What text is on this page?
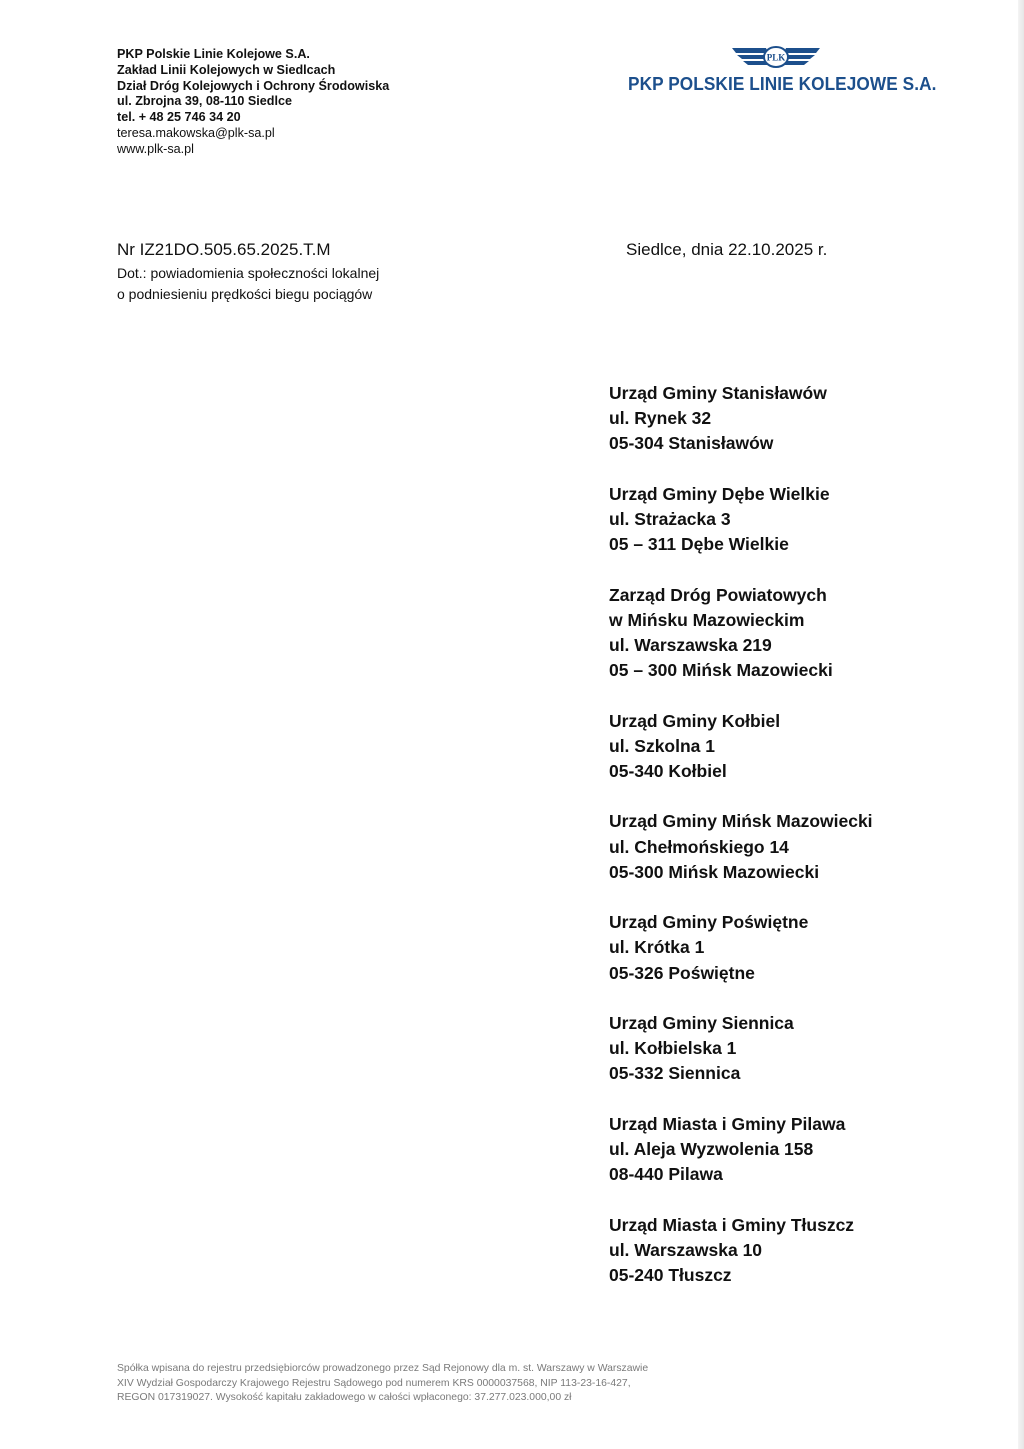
PKP Polskie Linie Kolejowe S.A.
Zakład Linii Kolejowych w Siedlcach
Dział Dróg Kolejowych i Ochrony Środowiska
ul. Zbrojna 39, 08-110 Siedlce
tel. + 48 25 746 34 20
teresa.makowska@plk-sa.pl
www.plk-sa.pl
PLK
PKP POLSKIE LINIE KOLEJOWE S.A.
Nr IZ21DO.505.65.2025.T.M	Siedlce, dnia 22.10.2025 r.
Dot.: powiadomienia społeczności lokalnej
o podniesieniu prędkości biegu pociągów
Urząd Gminy Stanisławów
ul. Rynek 32
05-304 Stanisławów
Urząd Gminy Dębe Wielkie
ul. Strażacka 3
05 – 311 Dębe Wielkie
Zarząd Dróg Powiatowych
w Mińsku Mazowieckim
ul. Warszawska 219
05 – 300 Mińsk Mazowiecki
Urząd Gminy Kołbiel
ul. Szkolna 1
05-340 Kołbiel
Urząd Gminy Mińsk Mazowiecki
ul. Chełmońskiego 14
05-300 Mińsk Mazowiecki
Urząd Gminy Poświętne
ul. Krótka 1
05-326 Poświętne
Urząd Gminy Siennica
ul. Kołbielska 1
05-332 Siennica
Urząd Miasta i Gminy Pilawa
ul. Aleja Wyzwolenia 158
08-440 Pilawa
Urząd Miasta i Gminy Tłuszcz
ul. Warszawska 10
05-240 Tłuszcz
Spółka wpisana do rejestru przedsiębiorców prowadzonego przez Sąd Rejonowy dla m. st. Warszawy w Warszawie
XIV Wydział Gospodarczy Krajowego Rejestru Sądowego pod numerem KRS 0000037568, NIP 113-23-16-427,
REGON 017319027. Wysokość kapitału zakładowego w całości wpłaconego: 37.277.023.000,00 zł
